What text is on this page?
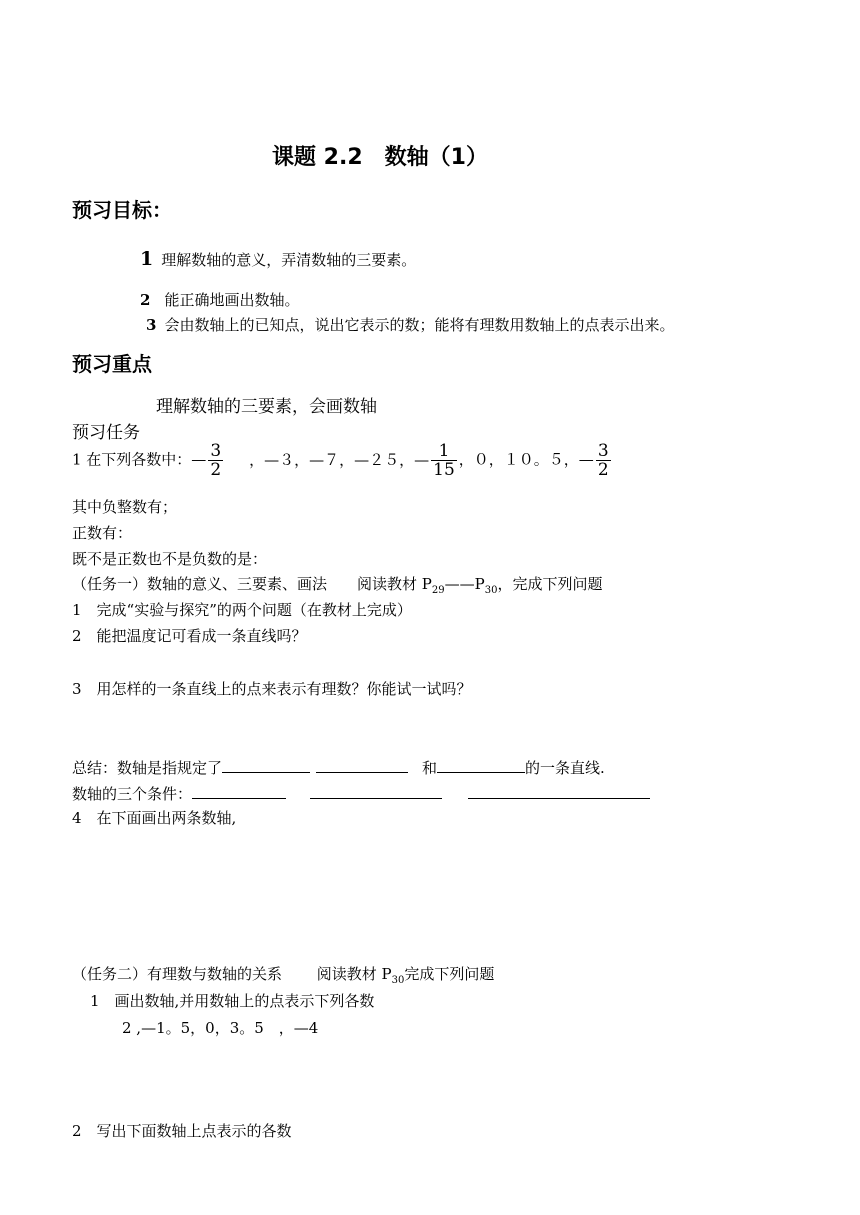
课题 2.2　数轴（1）
预习目标：
1 理解数轴的意义，弄清数轴的三要素。
2 能正确地画出数轴。
3 会由数轴上的已知点，说出它表示的数；能将有理数用数轴上的点表示出来。
预习重点
理解数轴的三要素，会画数轴
预习任务
1 在下列各数中：— $\frac{3}{2}$ ，—３，—７，—２５，— $\frac{1}{15}$ ，０，１０。５，— $\frac{3}{2}$
其中负整数有；
正数有：
既不是正数也不是负数的是：
（任务一）数轴的意义、三要素、画法　　阅读教材 $P_{29}——P_{30}$，完成下列问题
1　完成“实验与探究”的两个问题（在教材上完成）
2　能把温度记可看成一条直线吗？
3　用怎样的一条直线上的点来表示有理数？你能试一试吗？
总结：数轴是指规定了	和	的一条直线.
数轴的三个条件：
4　在下面画出两条数轴,
（任务二）有理数与数轴的关系　　 阅读教材 $P_{30}$完成下列问题
1　画出数轴,并用数轴上的点表示下列各数
2 ,—1。5，0，3。5　，—4
2　写出下面数轴上点表示的各数
